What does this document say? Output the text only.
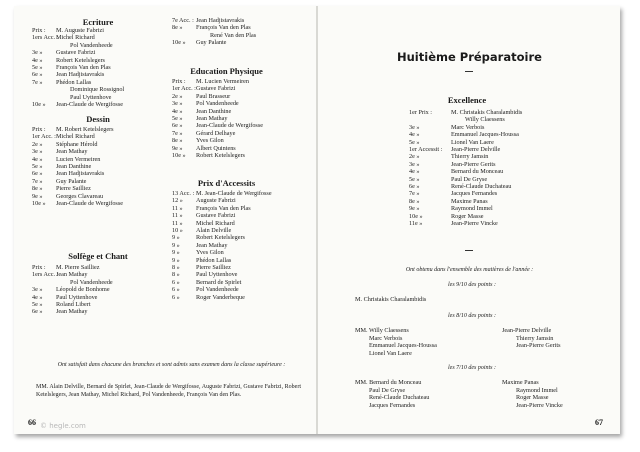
Ecriture
Prix : M. Auguste Fabrizi
1ers Acc. :Michel Richard
Pol Vandenheede
3e » Gustave Fabrizi
4e » Robert Ketelslegers
5e » François Van den Plas
6e » Jean Hadjistavrakis
7e » Phédon Lallas
Dominique Rossignol
Paul Uyttenhove
10e » Jean-Claude de Wergifosse
Dessin
Prix : M. Robert Ketelslegers
1er Acc. :Michel Richard
2e » Stéphane Hérold
3e » Jean Mathay
4e » Lucien Vermeiren
5e » Jean Danthine
6e » Jean Hadjistavrakis
7e » Guy Palante
8e » Pierre Sailliez
9e » Georges Clavareau
10e » Jean-Claude de Wergifosse
Solfège et Chant
Prix : M. Pierre Sailliez
1ers Acc. :Jean Mathay
Pol Vandenheede
3e » Léopold de Bonhome
4e » Paul Uyttenhove
5e » Roland Libert
6e » Jean Mathay
7e Acc. : Jean Hadjistavrakis
8e » François Van den Plas
René Van den Plas
10e » Guy Palante
Education Physique
Prix : M. Lucien Vermeiren
1er Acc. :Gustave Fabrizi
2e » Paul Brasseur
3e » Pol Vandenheede
4e » Jean Danthine
5e » Jean Mathay
6e » Jean-Claude de Wergifosse
7e » Gérard Delhaye
8e » Yves Gilon
9e » Albert Quintens
10e » Robert Ketelslegers
Prix d'Accessits
13 Acc. : M. Jean-Claude de Wergifosse
12 » Auguste Fabrizi
11 » François Van den Plas
11 » Gustave Fabrizi
11 » Michel Richard
10 » Alain Delville
9 »	Robert Ketelslegers
9 »	Jean Mathay
9 »	Yves Gilon
9 »	Phédon Lallas
8 »	Pierre Sailliez
8 »	Paul Uyttenhove
6 »	Bernard de Spirlet
6 »	Pol Vandenheede
6 »	Roger Vanderbeque
Ont satisfait dans chacune des branches et sont admis sans examen dans la classe supérieure :
MM. Alain Delville, Bernard de Spirlet, Jean-Claude de Wergifosse, Auguste Fabrizi, Gustave Fabrizi, Robert Ketelslegers, Jean Mathay, Michel Richard, Pol Vandenheede, François Van den Plas.
66
Huitième Préparatoire
Excellence
1er Prix :	M. Christakis Charalambidis
Willy Claessens
3e »	Marc Verbois
4e »	Emmanuel Jacques-Houssa
5e »	Lionel Van Laere
1er Accessit : Jean-Pierre Delville
2e »	Thierry Jamsin
3e »	Jean-Pierre Gerits
4e »	Bernard du Monceau
5e »	Paul De Gryse
6e »	René-Claude Duchateau
7e »	Jacques Fernandes
8e »	Maxime Panas
9e »	Raymond Immel
10e »	Roger Masse
11e »	Jean-Pierre Vincke
Ont obtenu dans l'ensemble des matières de l'année :
les 9/10 des points :
M. Christakis Charalambidis
les 8/10 des points :
MM. Willy Claessens
Marc Verbois
Emmanuel Jacques-Houssa
Lionel Van Laere
Jean-Pierre Delville
Thierry Jamsin
Jean-Pierre Gerits
les 7/10 des points :
MM. Bernard du Monceau
Paul De Gryse
René-Claude Duchateau
Jacques Fernandes
Maxime Panas
Raymond Immel
Roger Masse
Jean-Pierre Vincke
67
© hegle.com
